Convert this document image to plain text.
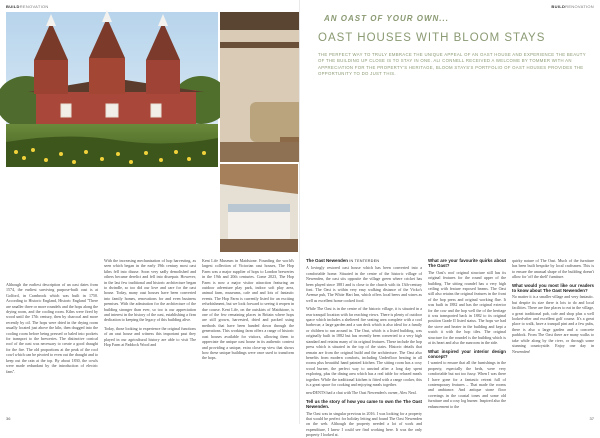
BUILDRENOVATION
PHOTOS: AMBER STAYS

Although the earliest description of an oast dates from 1574, the earliest surviving purpose-built oast is at Golford, in Cranbrook which was built in 1750. According to Historic England, Historic England "There are smaller three or more roundels and the hops along the drying room, and the cooling room. Kilns were fired by wood until the 17th century, then by charcoal and more recently by oil. The hops were dried in the drying room usually located just above the kiln, then dragged into the cooling room before being pressed or baled into pockets for transport to the breweries. The distinctive conical roof of the oast was necessary to create a good draught for the fire. The old proportions at the peak of the roof cowl which can be pivoted to even out the draught and to keep out the rain at the top. By about 1830, the cowls were made redundant by the introduction of electric fans".

With the increasing mechanisation of hop harvesting, as seen which began in the early 19th century most oast kilns fell into disuse. Soon very sadly demolished and others became derelict and fell into disrepair. However, in the last few traditional and historic architecture began to dwindle, so too did our love and care for the oast house. Today, many oast houses have been converted into family homes, renovations for and even business premises. With the admiration for the architecture of the building stronger than ever, so too is our appreciation and interest in the history of the oast, establishing a firm dedication to keeping the legacy of this building alive.

Today, those looking to experience the original functions of an oast house and witness this important past they played in our agricultural history are able to visit The Hop Farm at Paddock Wood and

Kent Life Museum in Maidstone. Founding the world's largest collection of Victorian oast houses, The Hop Farm was a major supplier of hops to London breweries in the 19th and 20th centuries. Come 2023, The Hop Farm is now a major visitor attraction featuring an outdoor adventure play park, indoor soft play area, animal farm, museums, cafe and and lots of fantastic events. The Hop Farm is currently listed for an exciting refurbishment, but we look forward to seeing it reopen in due course. Kent Life, on the outskirts of Maidstone, is one of the few remaining places in Britain where hops are still grown, harvested, dried and packed using methods that have been handed down through the generations. This working farm offers a range of historic oast houses available for visitors, allowing them to appreciate the unique oast house in its authentic context and providing a unique, extra close-up view that shows how these unique buildings were once used to transform the hops.

36
BUILDRENOVATION
37
AN OAST OF YOUR OWN...
OAST HOUSES WITH BLOOM STAYS
THE PERFECT WAY TO TRULY EMBRACE THE UNIQUE APPEAL OF AN OAST HOUSE AND EXPERIENCE THE BEAUTY OF THE BUILDING UP CLOSE IS TO STAY IN ONE. ALI CONNELL RECEIVED A WELCOME BY TOMMER WITH AN APPRECIATION FOR THE PROPERTY'S HERITAGE, BLOOM STAYS'S PORTFOLIO OF OAST HOUSES PROVIDES THE OPPORTUNITY TO DO JUST THIS.
The Oast Newenden IN TENTERDEN

A lovingly restored oast house which has been converted into a comfortable home. Situated in the centre of the historic village of Newenden, the oast sits opposite the village green where cricket has been played since 1881 and is close to the church with its 13th-century font. The Oast is within very easy walking distance of the Vicko's Avenue pub, The White Hart Inn, which offers local beers and wines as well as excellent home cooked food.

While The Oast is in the centre of the historic village, it is situated in a rear tranquil location with far reaching views. There is plenty of outdoor space which includes a sheltered fire seating area complete with a cool barbecue, a large garden and a sun deck which is also ideal for a family or children to run around in. The Oast, which is a listed building, was originally built in 1882 but has recently been converted to a very high standard and retains many of its original features. These include the hop press which is situated in the top of the stairs. Historic details that remain are from the original build and the architecture. The Oast also benefits from modern comforts, including Underfloor heating in all rooms plus beautiful hand painted kitchen. The sitting room has a cosy wood burner, the perfect way to unwind after a long day spent exploring, plus the dining area which has a real table for relaxed meals together. While the traditional kitchen is fitted with a range cooker, this is a great space for cooking and enjoying meals together.

newDENTS had a chat with The Oast Newenden's owner, Alex Neal.

Tell us the story of how you came to own the The Oast Newenden.

The Oast was in singular previous in 2016. I was looking for a property that would be perfect for holiday letting and found The Oast Newenden on the web. Although the property needed a lot of work and expenditure, I knew I could see find working here. It was the only property I looked at.

What are your favourite quirks about The Oast?

The Oast's roof original structure still has its original features for the round upper of the building. The sitting roundel has a very high ceiling with feature exposed beams. The Oast still also retains the original features in the front of the hop press and original working flue. It was built in 1882 and has the original exterior for the cow and the hop well the of the heritage it was transported back in 1882 to its original position Grade II listed status. The hops we had the stove and heater in the building and kept a watch it with the hop tiles. The original structure for the roundel is the building which is at its heart and also the sunroom in the side.

What inspired your interior design concept?

I wanted to ensure that all the furnishings in the property, especially the beds, were very comfortable but not too fussy. When I was there I have gone for a fantastic retreat full of contemporary features – That made the rooms and ambiance. And antique stone floor coverings in the coastal tones and some old furniture and a cosy log burner. Inspired also the enhancement to the

quirky nature of The Oast. Much of the furniture has been built bespoke by local craftsmen. This is to ensure the unusual shape of the building doesn't allow for 'off the shelf' furniture.

What would you most like our readers to know about The Oast Newenden?

No matter it is a smaller village and very fantastic. but despite its size there is lots to do and local facilities. There are fine places to eat in the village, a great traditional pub, cafe and shop plus a well looked-after and excellent golf course. It's a great place to walk, have a tranquil pint and a few pubs, there is also a large garden and a concrete paddock. From The Oast there are many walks to take while along by the river, or through some stunning countryside. Enjoy one day in Newenden!
